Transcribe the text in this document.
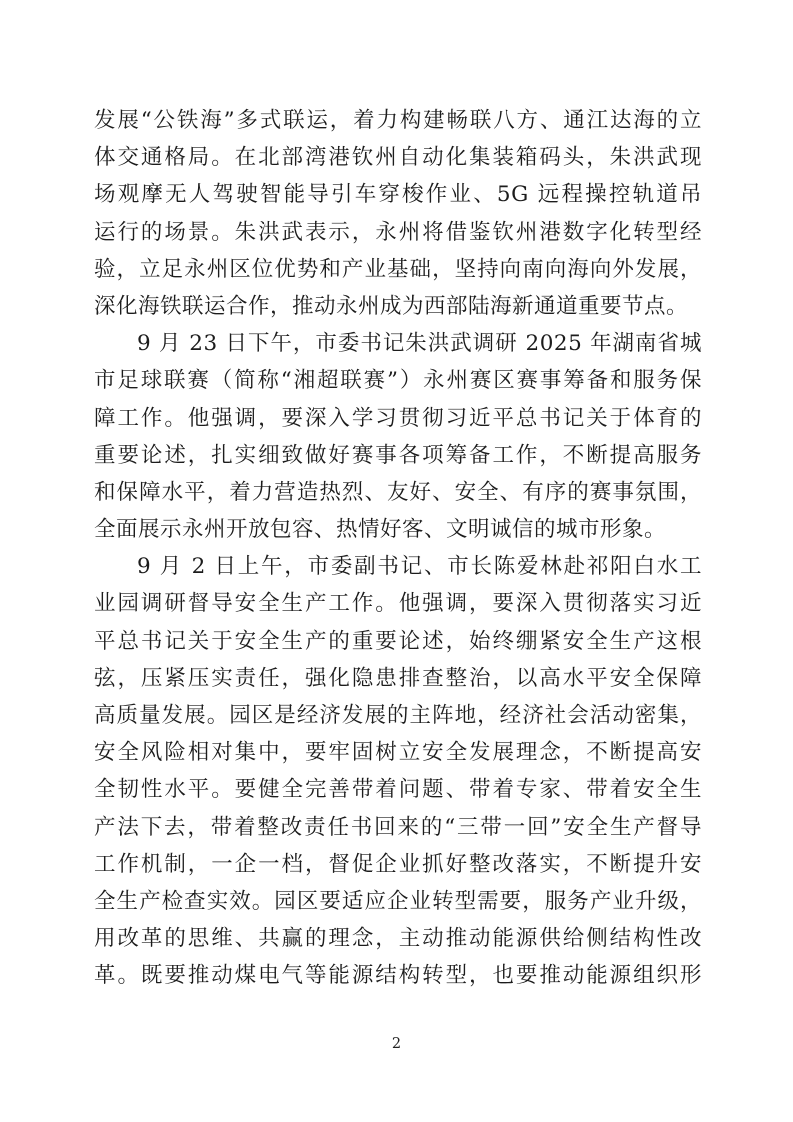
发展“公铁海”多式联运，着力构建畅联八方、通江达海的立
体交通格局。在北部湾港钦州自动化集装箱码头，朱洪武现
场观摩无人驾驶智能导引车穿梭作业、5G 远程操控轨道吊
运行的场景。朱洪武表示，永州将借鉴钦州港数字化转型经
验，立足永州区位优势和产业基础，坚持向南向海向外发展，
深化海铁联运合作，推动永州成为西部陆海新通道重要节点。
9 月 23 日下午，市委书记朱洪武调研 2025 年湖南省城
市足球联赛（简称“湘超联赛”）永州赛区赛事筹备和服务保
障工作。他强调，要深入学习贯彻习近平总书记关于体育的
重要论述，扎实细致做好赛事各项筹备工作，不断提高服务
和保障水平，着力营造热烈、友好、安全、有序的赛事氛围，
全面展示永州开放包容、热情好客、文明诚信的城市形象。
9 月 2 日上午，市委副书记、市长陈爱林赴祁阳白水工
业园调研督导安全生产工作。他强调，要深入贯彻落实习近
平总书记关于安全生产的重要论述，始终绷紧安全生产这根
弦，压紧压实责任，强化隐患排查整治，以高水平安全保障
高质量发展。园区是经济发展的主阵地，经济社会活动密集，
安全风险相对集中，要牢固树立安全发展理念，不断提高安
全韧性水平。要健全完善带着问题、带着专家、带着安全生
产法下去，带着整改责任书回来的“三带一回”安全生产督导
工作机制，一企一档，督促企业抓好整改落实，不断提升安
全生产检查实效。园区要适应企业转型需要，服务产业升级，
用改革的思维、共赢的理念，主动推动能源供给侧结构性改
革。既要推动煤电气等能源结构转型，也要推动能源组织形
2
